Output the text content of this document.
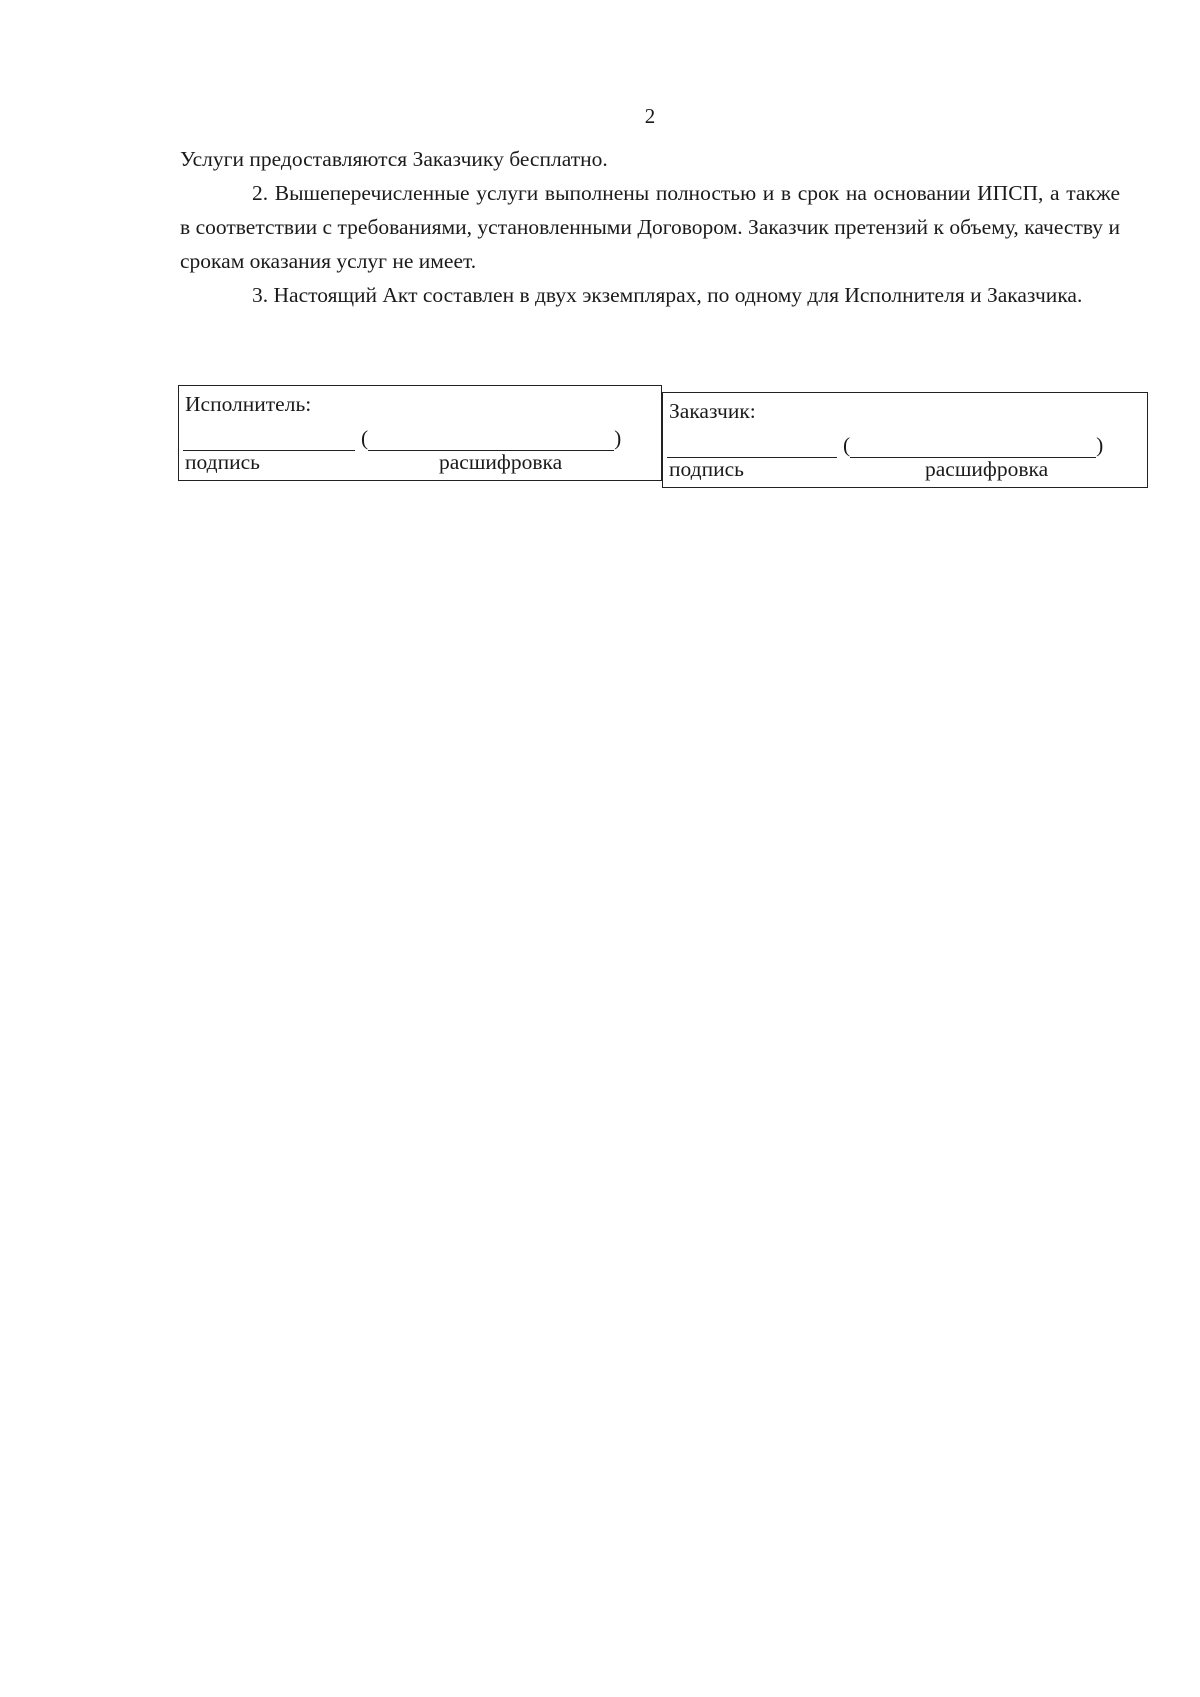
2

Услуги предоставляются Заказчику бесплатно.

2. Вышеперечисленные услуги выполнены полностью и в срок на основании ИПСП, а также в соответствии с требованиями, установленными Договором. Заказчик претензий к объему, качеству и срокам оказания услуг не имеет.

3. Настоящий Акт составлен в двух экземплярах, по одному для Исполнителя и Заказчика.

Исполнитель:
(	)
подпись	расшифровка
Заказчик:
(	)
подпись	расшифровка
